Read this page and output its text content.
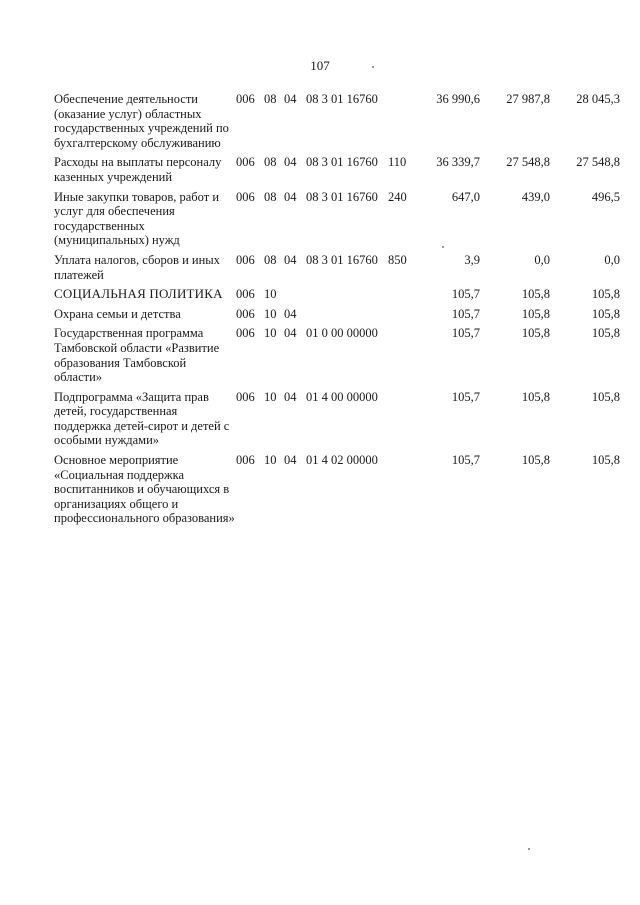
107
Обеспечение деятельности (оказание услуг) областных государственных учреждений по бухгалтерскому обслуживанию	006	08	04	08 3 01 16760		36 990,6	27 987,8	28 045,3
Расходы на выплаты персоналу казенных учреждений	006	08	04	08 3 01 16760	110	36 339,7	27 548,8	27 548,8
Иные закупки товаров, работ и услуг для обеспечения государственных (муниципальных) нужд	006	08	04	08 3 01 16760	240	647,0	439,0	496,5
Уплата налогов, сборов и иных платежей	006	08	04	08 3 01 16760	850	3,9	0,0	0,0
СОЦИАЛЬНАЯ ПОЛИТИКА	006	10				105,7	105,8	105,8
Охрана семьи и детства	006	10	04			105,7	105,8	105,8
Государственная программа Тамбовской области «Развитие образования Тамбовской области»	006	10	04	01 0 00 00000		105,7	105,8	105,8
Подпрограмма «Защита прав детей, государственная поддержка детей-сирот и детей с особыми нуждами»	006	10	04	01 4 00 00000		105,7	105,8	105,8
Основное мероприятие «Социальная поддержка воспитанников и обучающихся в организациях общего и профессионального образования»	006	10	04	01 4 02 00000		105,7	105,8	105,8
